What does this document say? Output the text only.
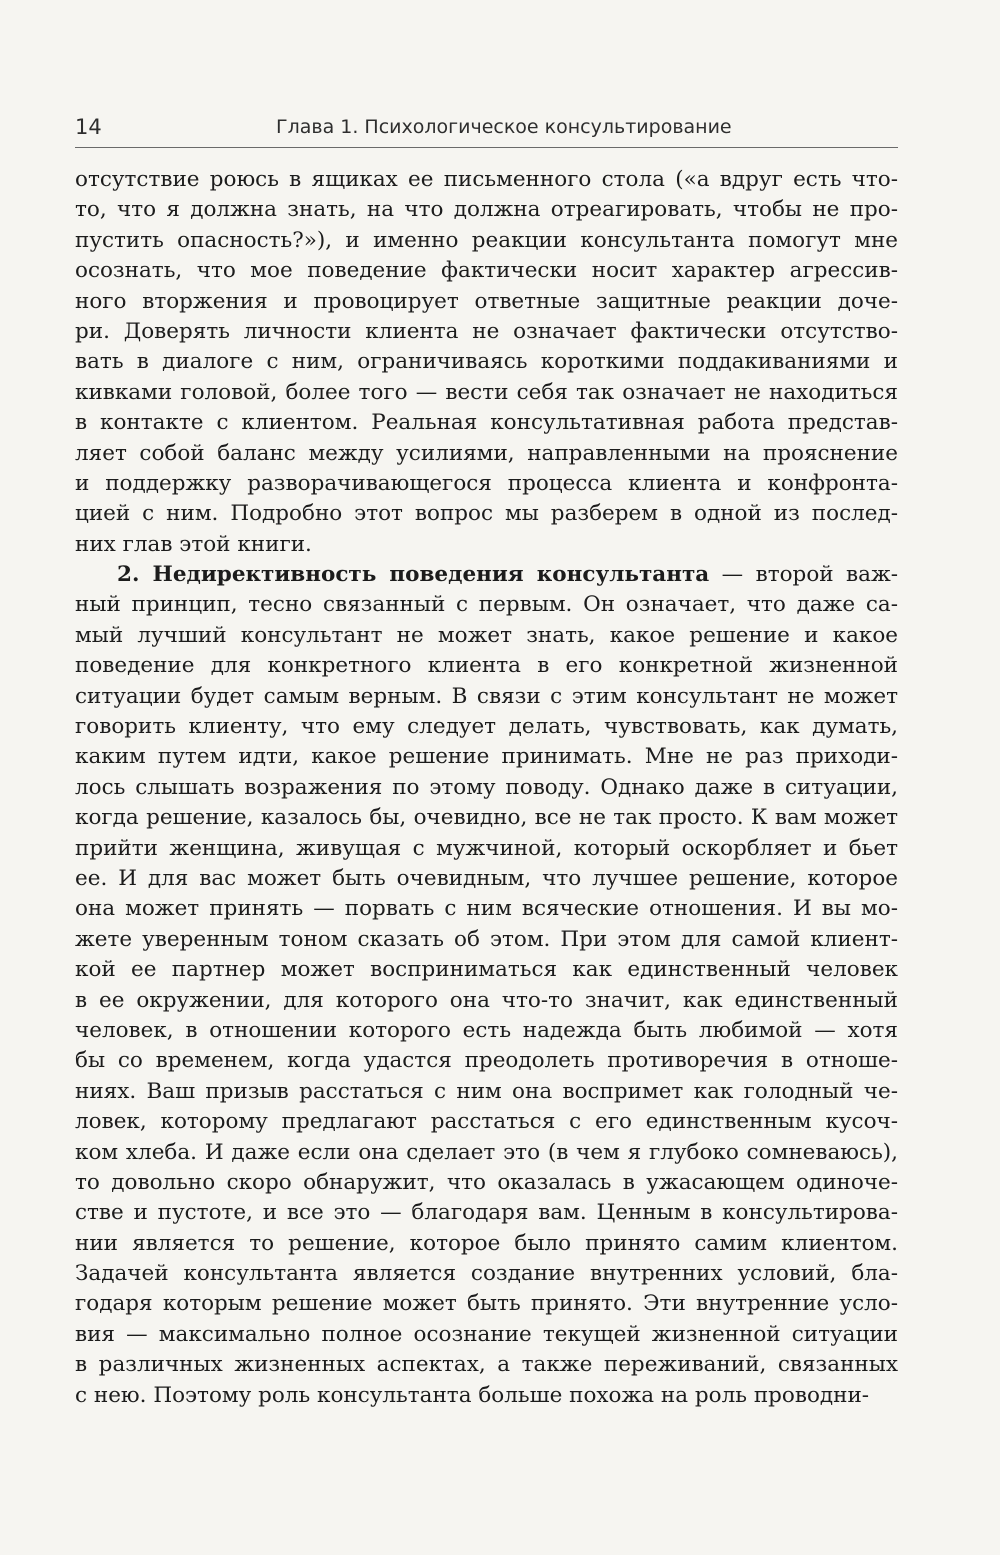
14	Глава 1. Психологическое консультирование
отсутствие роюсь в ящиках ее письменного стола («а вдруг есть что-
то, что я должна знать, на что должна отреагировать, чтобы не про-
пустить опасность?»), и именно реакции консультанта помогут мне
осознать, что мое поведение фактически носит характер агрессив-
ного вторжения и провоцирует ответные защитные реакции доче-
ри. Доверять личности клиента не означает фактически отсутство-
вать в диалоге с ним, ограничиваясь короткими поддакиваниями и
кивками головой, более того — вести себя так означает не находиться
в контакте с клиентом. Реальная консультативная работа представ-
ляет собой баланс между усилиями, направленными на прояснение
и поддержку разворачивающегося процесса клиента и конфронта-
цией с ним. Подробно этот вопрос мы разберем в одной из послед-
них глав этой книги.
2. Недирективность поведения консультанта — второй важ-
ный принцип, тесно связанный с первым. Он означает, что даже са-
мый лучший консультант не может знать, какое решение и какое
поведение для конкретного клиента в его конкретной жизненной
ситуации будет самым верным. В связи с этим консультант не может
говорить клиенту, что ему следует делать, чувствовать, как думать,
каким путем идти, какое решение принимать. Мне не раз приходи-
лось слышать возражения по этому поводу. Однако даже в ситуации,
когда решение, казалось бы, очевидно, все не так просто. К вам может
прийти женщина, живущая с мужчиной, который оскорбляет и бьет
ее. И для вас может быть очевидным, что лучшее решение, которое
она может принять — порвать с ним всяческие отношения. И вы мо-
жете уверенным тоном сказать об этом. При этом для самой клиент-
кой ее партнер может восприниматься как единственный человек
в ее окружении, для которого она что-то значит, как единственный
человек, в отношении которого есть надежда быть любимой — хотя
бы со временем, когда удастся преодолеть противоречия в отноше-
ниях. Ваш призыв расстаться с ним она воспримет как голодный че-
ловек, которому предлагают расстаться с его единственным кусоч-
ком хлеба. И даже если она сделает это (в чем я глубоко сомневаюсь),
то довольно скоро обнаружит, что оказалась в ужасающем одиноче-
стве и пустоте, и все это — благодаря вам. Ценным в консультирова-
нии является то решение, которое было принято самим клиентом.
Задачей консультанта является создание внутренних условий, бла-
годаря которым решение может быть принято. Эти внутренние усло-
вия — максимально полное осознание текущей жизненной ситуации
в различных жизненных аспектах, а также переживаний, связанных
с нею. Поэтому роль консультанта больше похожа на роль проводни-
